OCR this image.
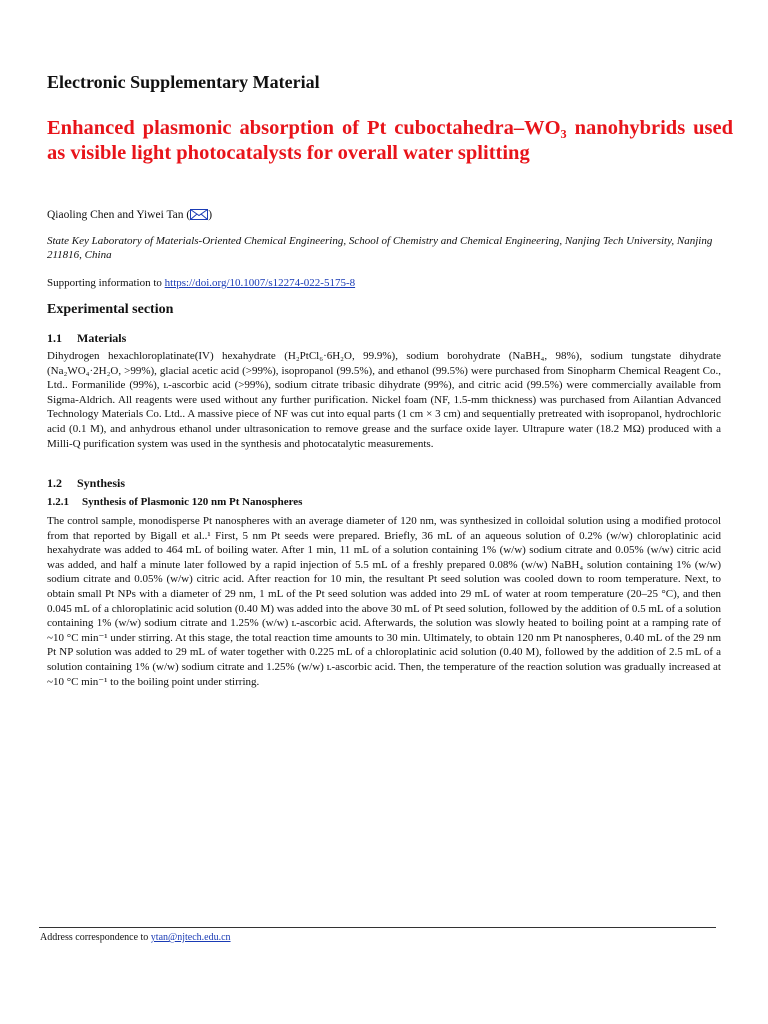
Electronic Supplementary Material
Enhanced plasmonic absorption of Pt cuboctahedra–WO₃ nanohybrids used as visible light photocatalysts for overall water splitting
Qiaoling Chen and Yiwei Tan ( )
State Key Laboratory of Materials-Oriented Chemical Engineering, School of Chemistry and Chemical Engineering, Nanjing Tech University, Nanjing 211816, China
Supporting information to https://doi.org/10.1007/s12274-022-5175-8
Experimental section
1.1 Materials

Dihydrogen hexachloroplatinate(IV) hexahydrate (H₂PtCl₆·6H₂O, 99.9%), sodium borohydrate (NaBH₄, 98%), sodium tungstate dihydrate (Na₂WO₄·2H₂O, >99%), glacial acetic acid (>99%), isopropanol (99.5%), and ethanol (99.5%) were purchased from Sinopharm Chemical Reagent Co., Ltd.. Formanilide (99%), ʟ-ascorbic acid (>99%), sodium citrate tribasic dihydrate (99%), and citric acid (99.5%) were commercially available from Sigma-Aldrich. All reagents were used without any further purification. Nickel foam (NF, 1.5-mm thickness) was purchased from Ailantian Advanced Technology Materials Co. Ltd.. A massive piece of NF was cut into equal parts (1 cm × 3 cm) and sequentially pretreated with isopropanol, hydrochloric acid (0.1 M), and anhydrous ethanol under ultrasonication to remove grease and the surface oxide layer. Ultrapure water (18.2 MΩ) produced with a Milli-Q purification system was used in the synthesis and photocatalytic measurements.

1.2 Synthesis
1.2.1 Synthesis of Plasmonic 120 nm Pt Nanospheres

The control sample, monodisperse Pt nanospheres with an average diameter of 120 nm, was synthesized in colloidal solution using a modified protocol from that reported by Bigall et al..¹ First, 5 nm Pt seeds were prepared. Briefly, 36 mL of an aqueous solution of 0.2% (w/w) chloroplatinic acid hexahydrate was added to 464 mL of boiling water. After 1 min, 11 mL of a solution containing 1% (w/w) sodium citrate and 0.05% (w/w) citric acid was added, and half a minute later followed by a rapid injection of 5.5 mL of a freshly prepared 0.08% (w/w) NaBH₄ solution containing 1% (w/w) sodium citrate and 0.05% (w/w) citric acid. After reaction for 10 min, the resultant Pt seed solution was cooled down to room temperature. Next, to obtain small Pt NPs with a diameter of 29 nm, 1 mL of the Pt seed solution was added into 29 mL of water at room temperature (20–25 °C), and then 0.045 mL of a chloroplatinic acid solution (0.40 M) was added into the above 30 mL of Pt seed solution, followed by the addition of 0.5 mL of a solution containing 1% (w/w) sodium citrate and 1.25% (w/w) ʟ-ascorbic acid. Afterwards, the solution was slowly heated to boiling point at a ramping rate of ~10 °C min⁻¹ under stirring. At this stage, the total reaction time amounts to 30 min. Ultimately, to obtain 120 nm Pt nanospheres, 0.40 mL of the 29 nm Pt NP solution was added to 29 mL of water together with 0.225 mL of a chloroplatinic acid solution (0.40 M), followed by the addition of 2.5 mL of a solution containing 1% (w/w) sodium citrate and 1.25% (w/w) ʟ-ascorbic acid. Then, the temperature of the reaction solution was gradually increased at ~10 °C min⁻¹ to the boiling point under stirring.

Address correspondence to ytan@njtech.edu.cn
